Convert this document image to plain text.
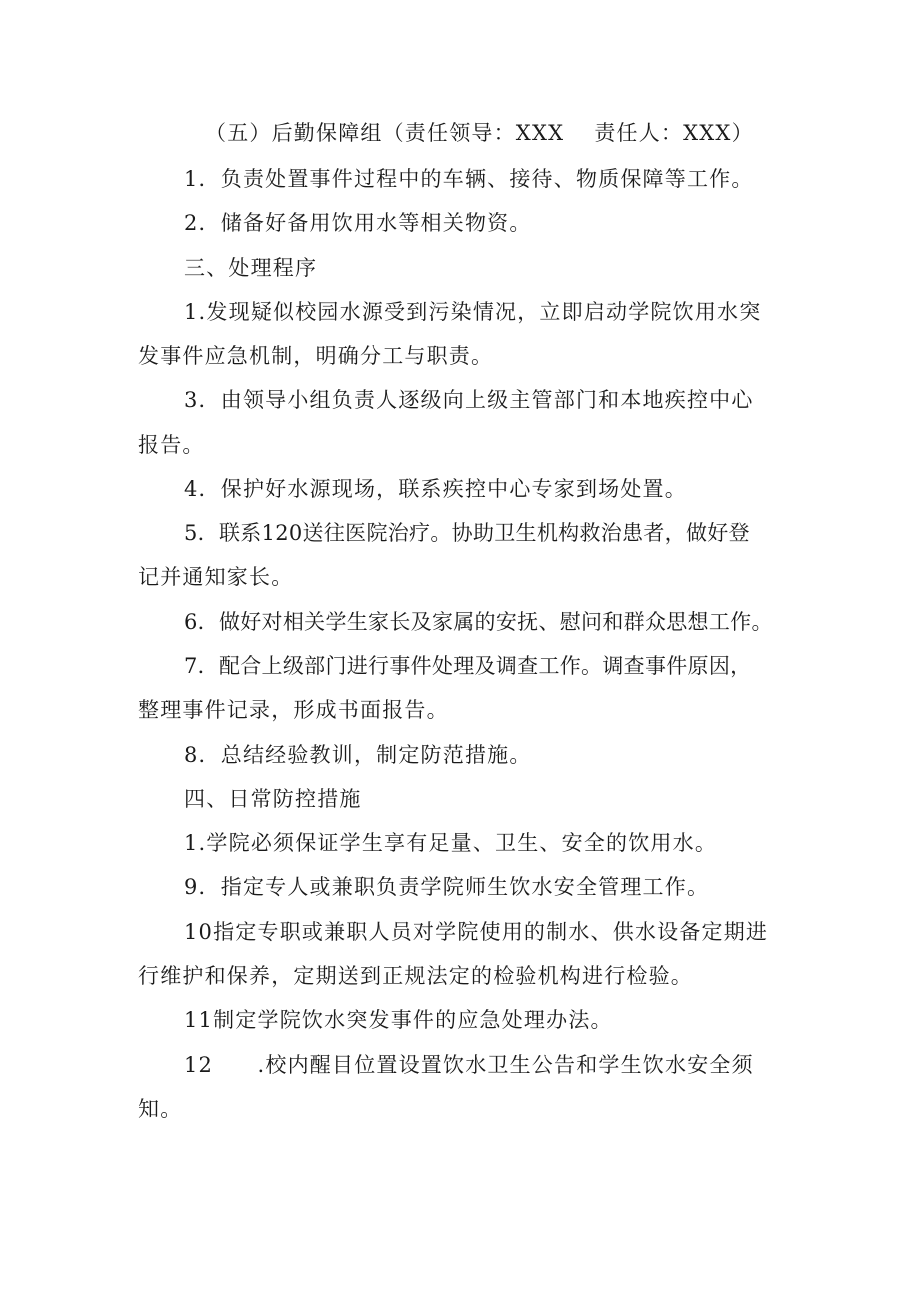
（五）后勤保障组（责任领导：XXX　 责任人：XXX）
1．负责处置事件过程中的车辆、接待、物质保障等工作。
2．储备好备用饮用水等相关物资。
三、处理程序
1.发现疑似校园水源受到污染情况，立即启动学院饮用水突
发事件应急机制，明确分工与职责。
3．由领导小组负责人逐级向上级主管部门和本地疾控中心
报告。
4．保护好水源现场，联系疾控中心专家到场处置。
5．联系120送往医院治疗。协助卫生机构救治患者，做好登
记并通知家长。
6．做好对相关学生家长及家属的安抚、慰问和群众思想工作。
7．配合上级部门进行事件处理及调查工作。调查事件原因，
整理事件记录，形成书面报告。
8．总结经验教训，制定防范措施。
四、日常防控措施
1.学院必须保证学生享有足量、卫生、安全的饮用水。
9．指定专人或兼职负责学院师生饮水安全管理工作。
10指定专职或兼职人员对学院使用的制水、供水设备定期进
行维护和保养，定期送到正规法定的检验机构进行检验。
11制定学院饮水突发事件的应急处理办法。
12　　.校内醒目位置设置饮水卫生公告和学生饮水安全须
知。
